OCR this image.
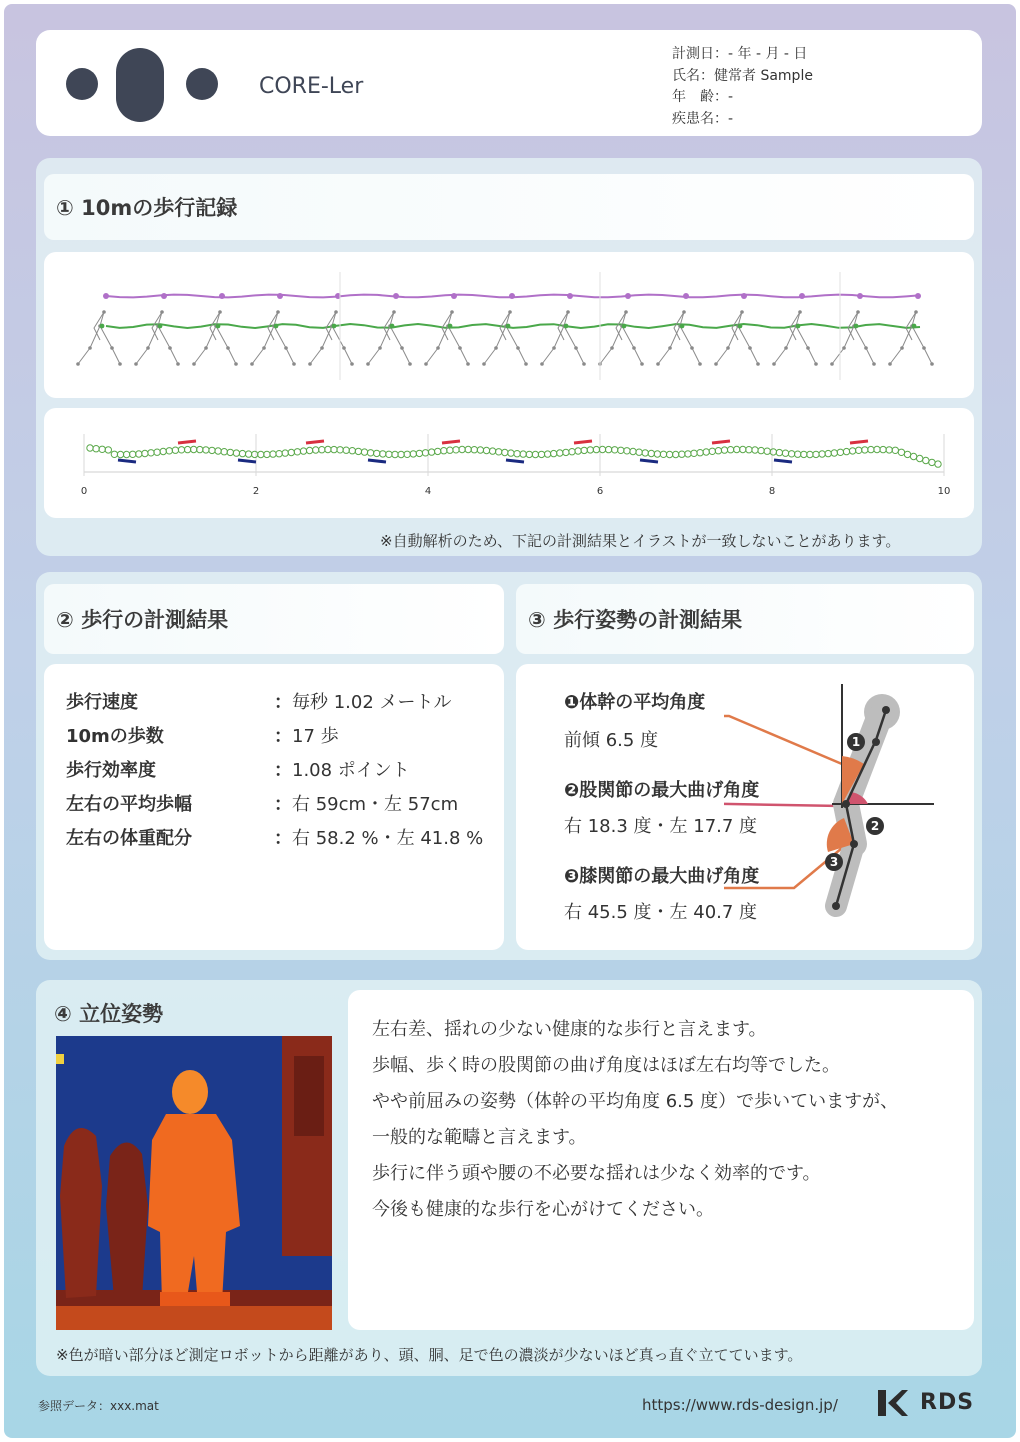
CORE-Ler
計測日：- 年 - 月 - 日
氏名：健常者 Sample
年　齢：-
疾患名：-
① 10mの歩行記録
0	2	4	6	8	10
※自動解析のため、下記の計測結果とイラストが一致しないことがあります。
② 歩行の計測結果
歩行速度	： 毎秒 1.02 メートル
10mの歩数	： 17 歩
歩行効率度	： 1.08 ポイント
左右の平均歩幅	： 右 59cm・左 57cm
左右の体重配分	： 右 58.2 %・左 41.8 %
③ 歩行姿勢の計測結果
❶体幹の平均角度
前傾 6.5 度
❷股関節の最大曲げ角度
右 18.3 度・左 17.7 度
❸膝関節の最大曲げ角度
右 45.5 度・左 40.7 度
1
2
3
④ 立位姿勢

左右差、揺れの少ない健康的な歩行と言えます。

歩幅、歩く時の股関節の曲げ角度はほぼ左右均等でした。

やや前屈みの姿勢（体幹の平均角度 6.5 度）で歩いていますが、

一般的な範疇と言えます。

歩行に伴う頭や腰の不必要な揺れは少なく効率的です。

今後も健康的な歩行を心がけてください。

※色が暗い部分ほど測定ロボットから距離があり、頭、胴、足で色の濃淡が少ないほど真っ直ぐ立てています。
参照データ：xxx.mat	https://www.rds-design.jp/	RDS
